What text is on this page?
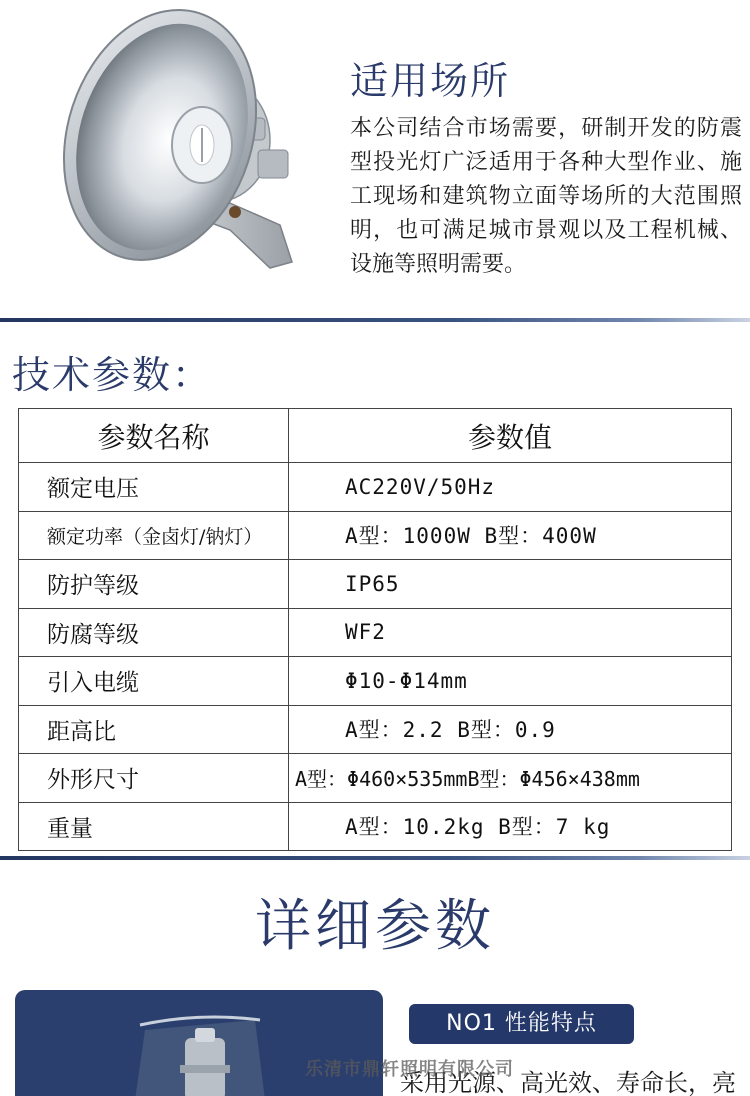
适用场所
本公司结合市场需要，研制开发的防震型投光灯广泛适用于各种大型作业、施工现场和建筑物立面等场所的大范围照明，也可满足城市景观以及工程机械、设施等照明需要。
技术参数：
参数名称	参数值
额定电压	AC220V/50Hz
额定功率（金卤灯/钠灯）	A型：1000W B型：400W
防护等级	IP65
防腐等级	WF2
引入电缆	Φ10-Φ14mm
距高比	A型：2.2 B型：0.9
外形尺寸	A型：Φ460×535mmB型：Φ456×438mm
重量	A型：10.2kg B型：7 kg
详细参数
NO1 性能特点
采用光源、高光效、寿命长，亮
乐清市鼎轩照明有限公司
